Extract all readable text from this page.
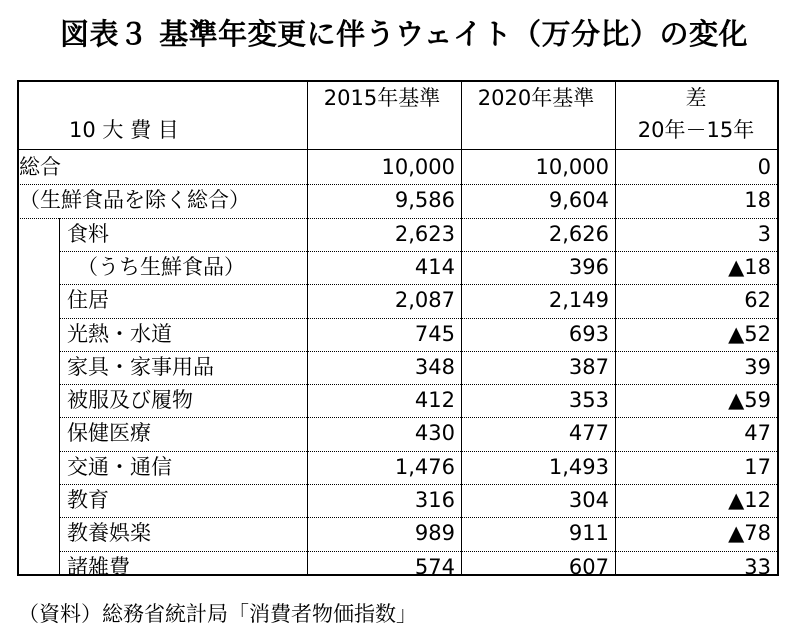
図表３ 基準年変更に伴うウェイト（万分比）の変化
10 大 費 目
2015年基準	2020年基準	差
20年－15年
総合	10,000	10,000	0
（生鮮食品を除く総合）	9,586	9,604	18
食料	2,623	2,626	3
（うち生鮮食品）	414	396	▲18
住居	2,087	2,149	62
光熱・水道	745	693	▲52
家具・家事用品	348	387	39
被服及び履物	412	353	▲59
保健医療	430	477	47
交通・通信	1,476	1,493	17
教育	316	304	▲12
教養娯楽	989	911	▲78
諸雑費	574	607	33
（資料）総務省統計局「消費者物価指数」
